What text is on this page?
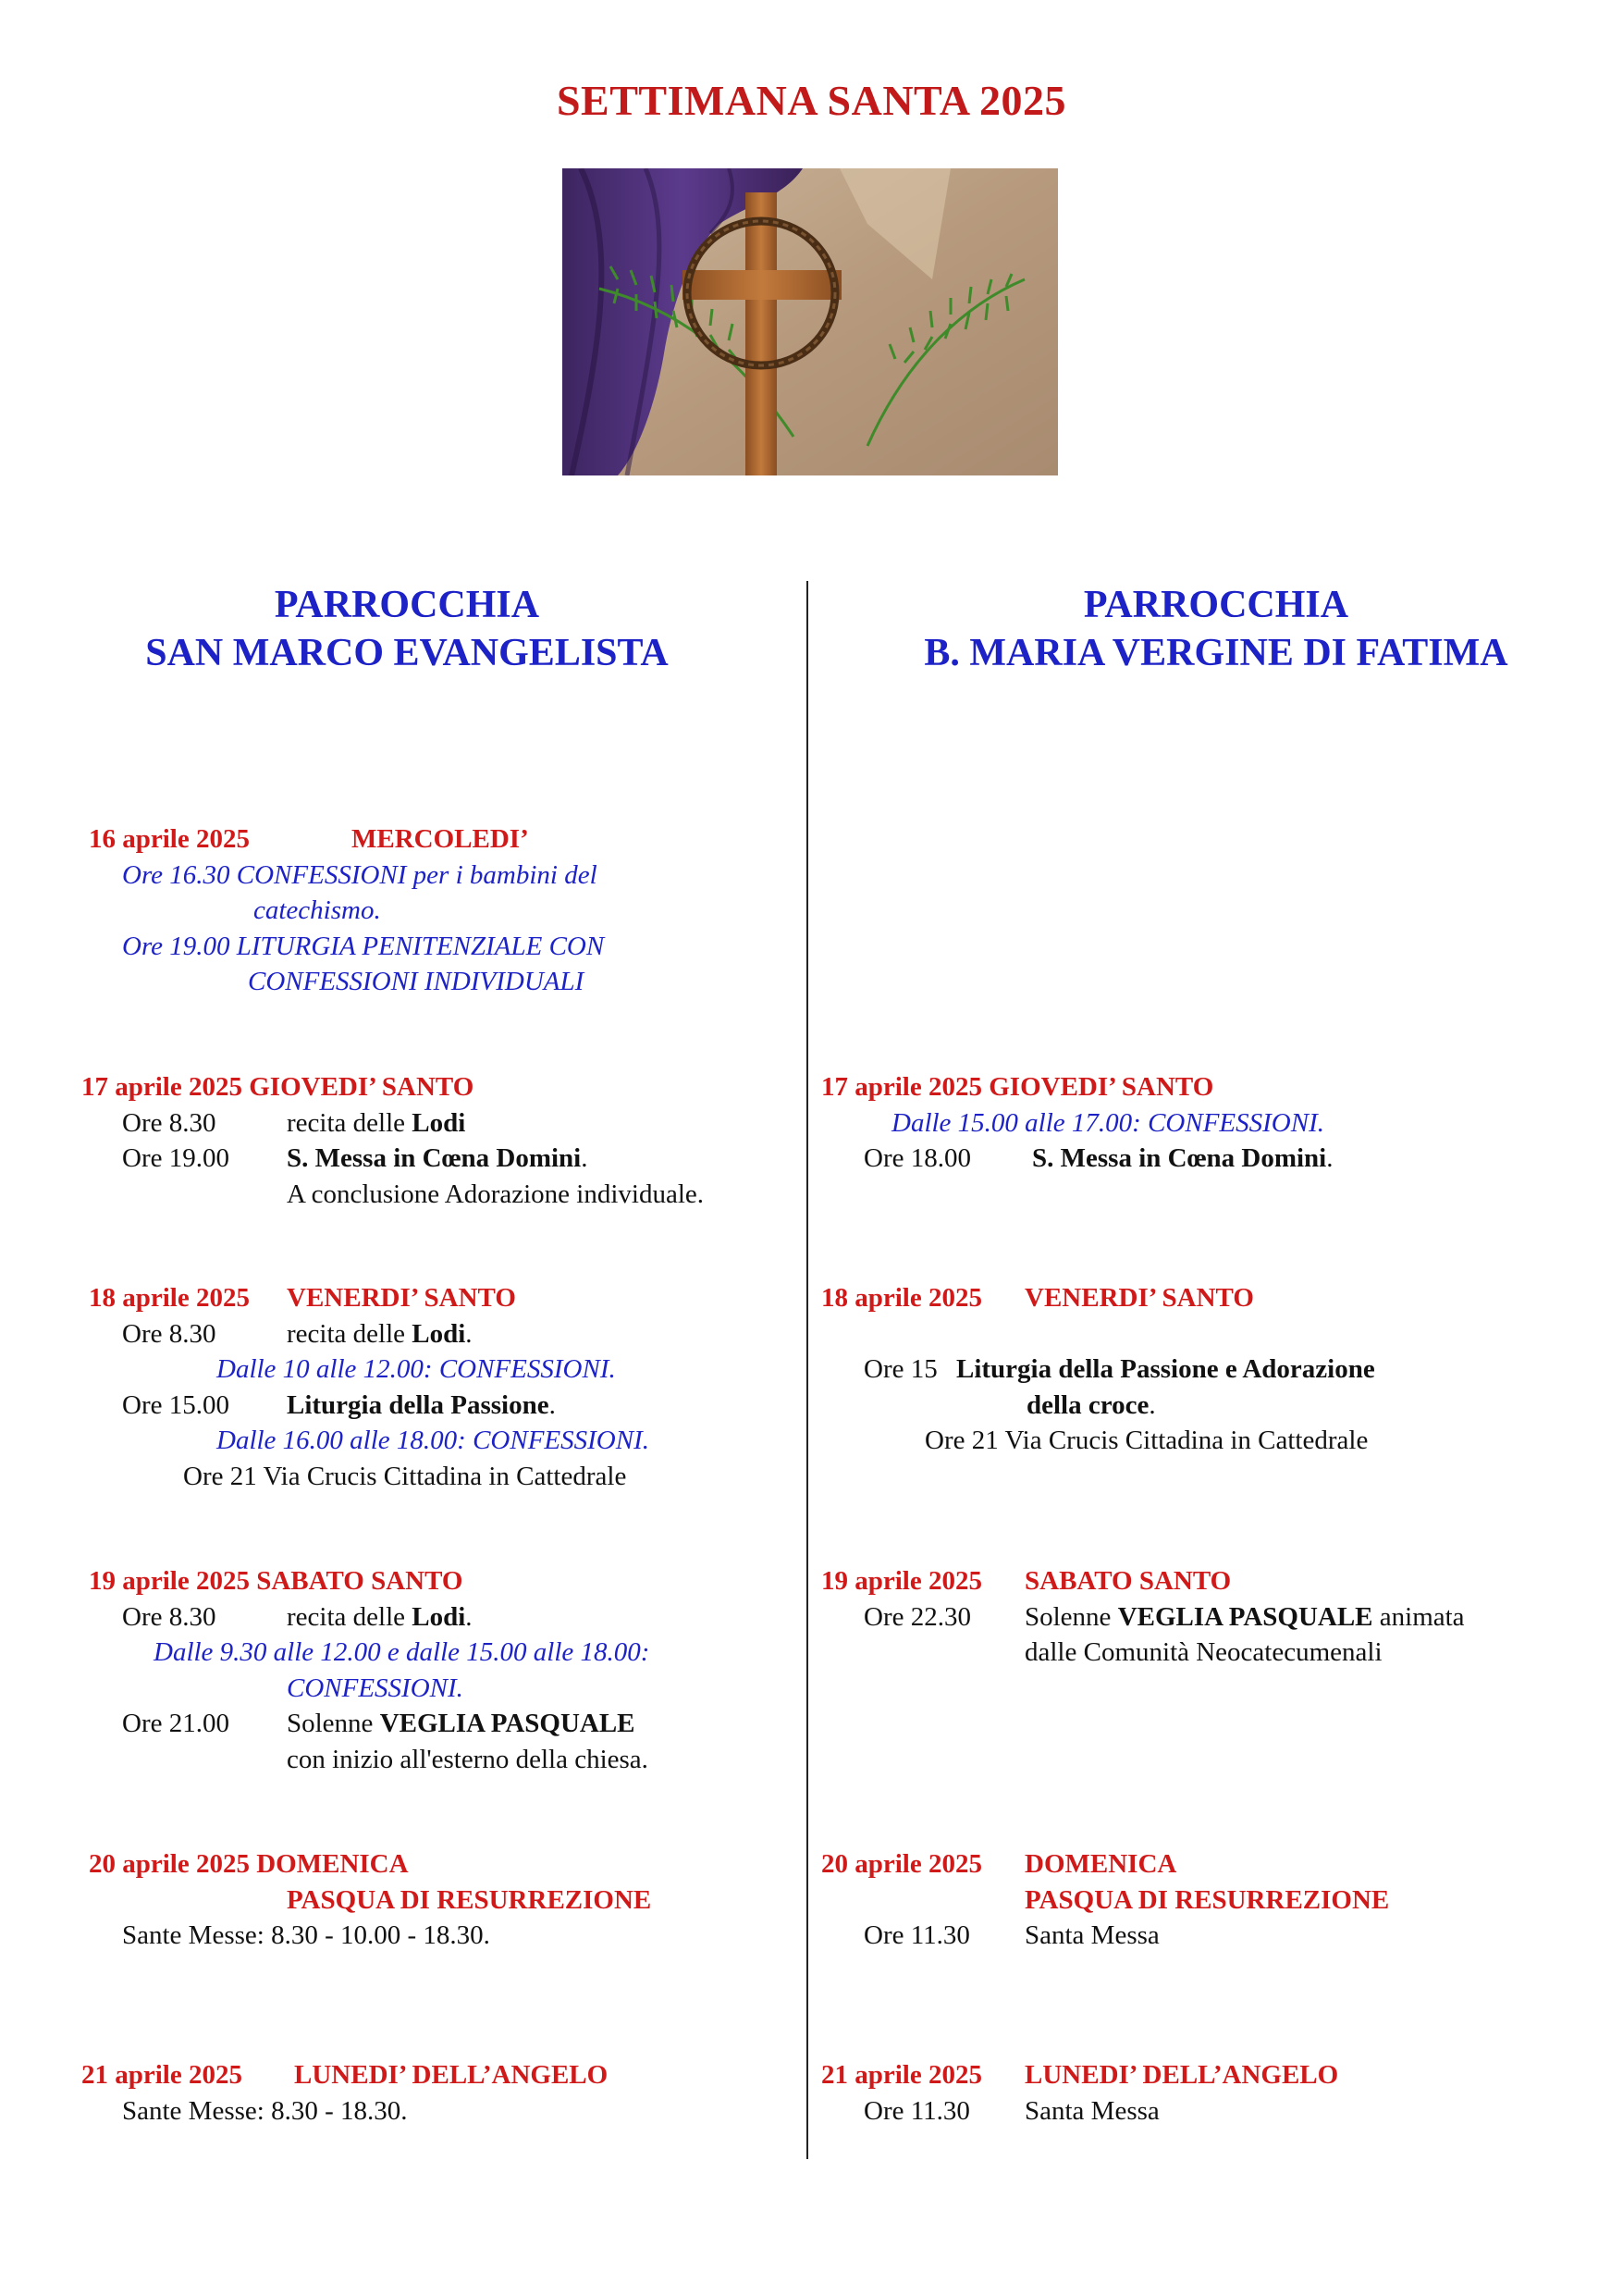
SETTIMANA SANTA 2025
PARROCCHIA
SAN MARCO EVANGELISTA
PARROCCHIA
B. MARIA VERGINE DI FATIMA
16 aprile 2025	MERCOLEDI’
Ore 16.30 CONFESSIONI per i bambini del
catechismo.
Ore 19.00 LITURGIA PENITENZIALE CON
CONFESSIONI INDIVIDUALI
17 aprile 2025 GIOVEDI’ SANTO
Ore 8.30	recita delle Lodi
Ore 19.00 S. Messa in Cœna Domini.
A conclusione Adorazione individuale.
18 aprile 2025 VENERDI’ SANTO
Ore 8.30	recita delle Lodi.
Dalle 10 alle 12.00: CONFESSIONI.
Ore 15.00 Liturgia della Passione.
Dalle 16.00 alle 18.00: CONFESSIONI.
Ore 21 Via Crucis Cittadina in Cattedrale
19 aprile 2025 SABATO SANTO
Ore 8.30	recita delle Lodi.
Dalle 9.30 alle 12.00 e dalle 15.00 alle 18.00:
CONFESSIONI.
Ore 21.00 Solenne VEGLIA PASQUALE
con inizio all'esterno della chiesa.
20 aprile 2025 DOMENICA
PASQUA DI RESURREZIONE
Sante Messe: 8.30 - 10.00 - 18.30.
21 aprile 2025 LUNEDI’ DELL’ANGELO
Sante Messe: 8.30 - 18.30.
17 aprile 2025 GIOVEDI’ SANTO
Dalle 15.00 alle 17.00: CONFESSIONI.
Ore 18.00 S. Messa in Cœna Domini.
18 aprile 2025 VENERDI’ SANTO
Ore 15 Liturgia della Passione e Adorazione
della croce.
Ore 21 Via Crucis Cittadina in Cattedrale
19 aprile 2025 SABATO SANTO
Ore 22.30 Solenne VEGLIA PASQUALE animata
dalle Comunità Neocatecumenali
20 aprile 2025 DOMENICA
PASQUA DI RESURREZIONE
Ore 11.30 Santa Messa
21 aprile 2025 LUNEDI’ DELL’ANGELO
Ore 11.30 Santa Messa
